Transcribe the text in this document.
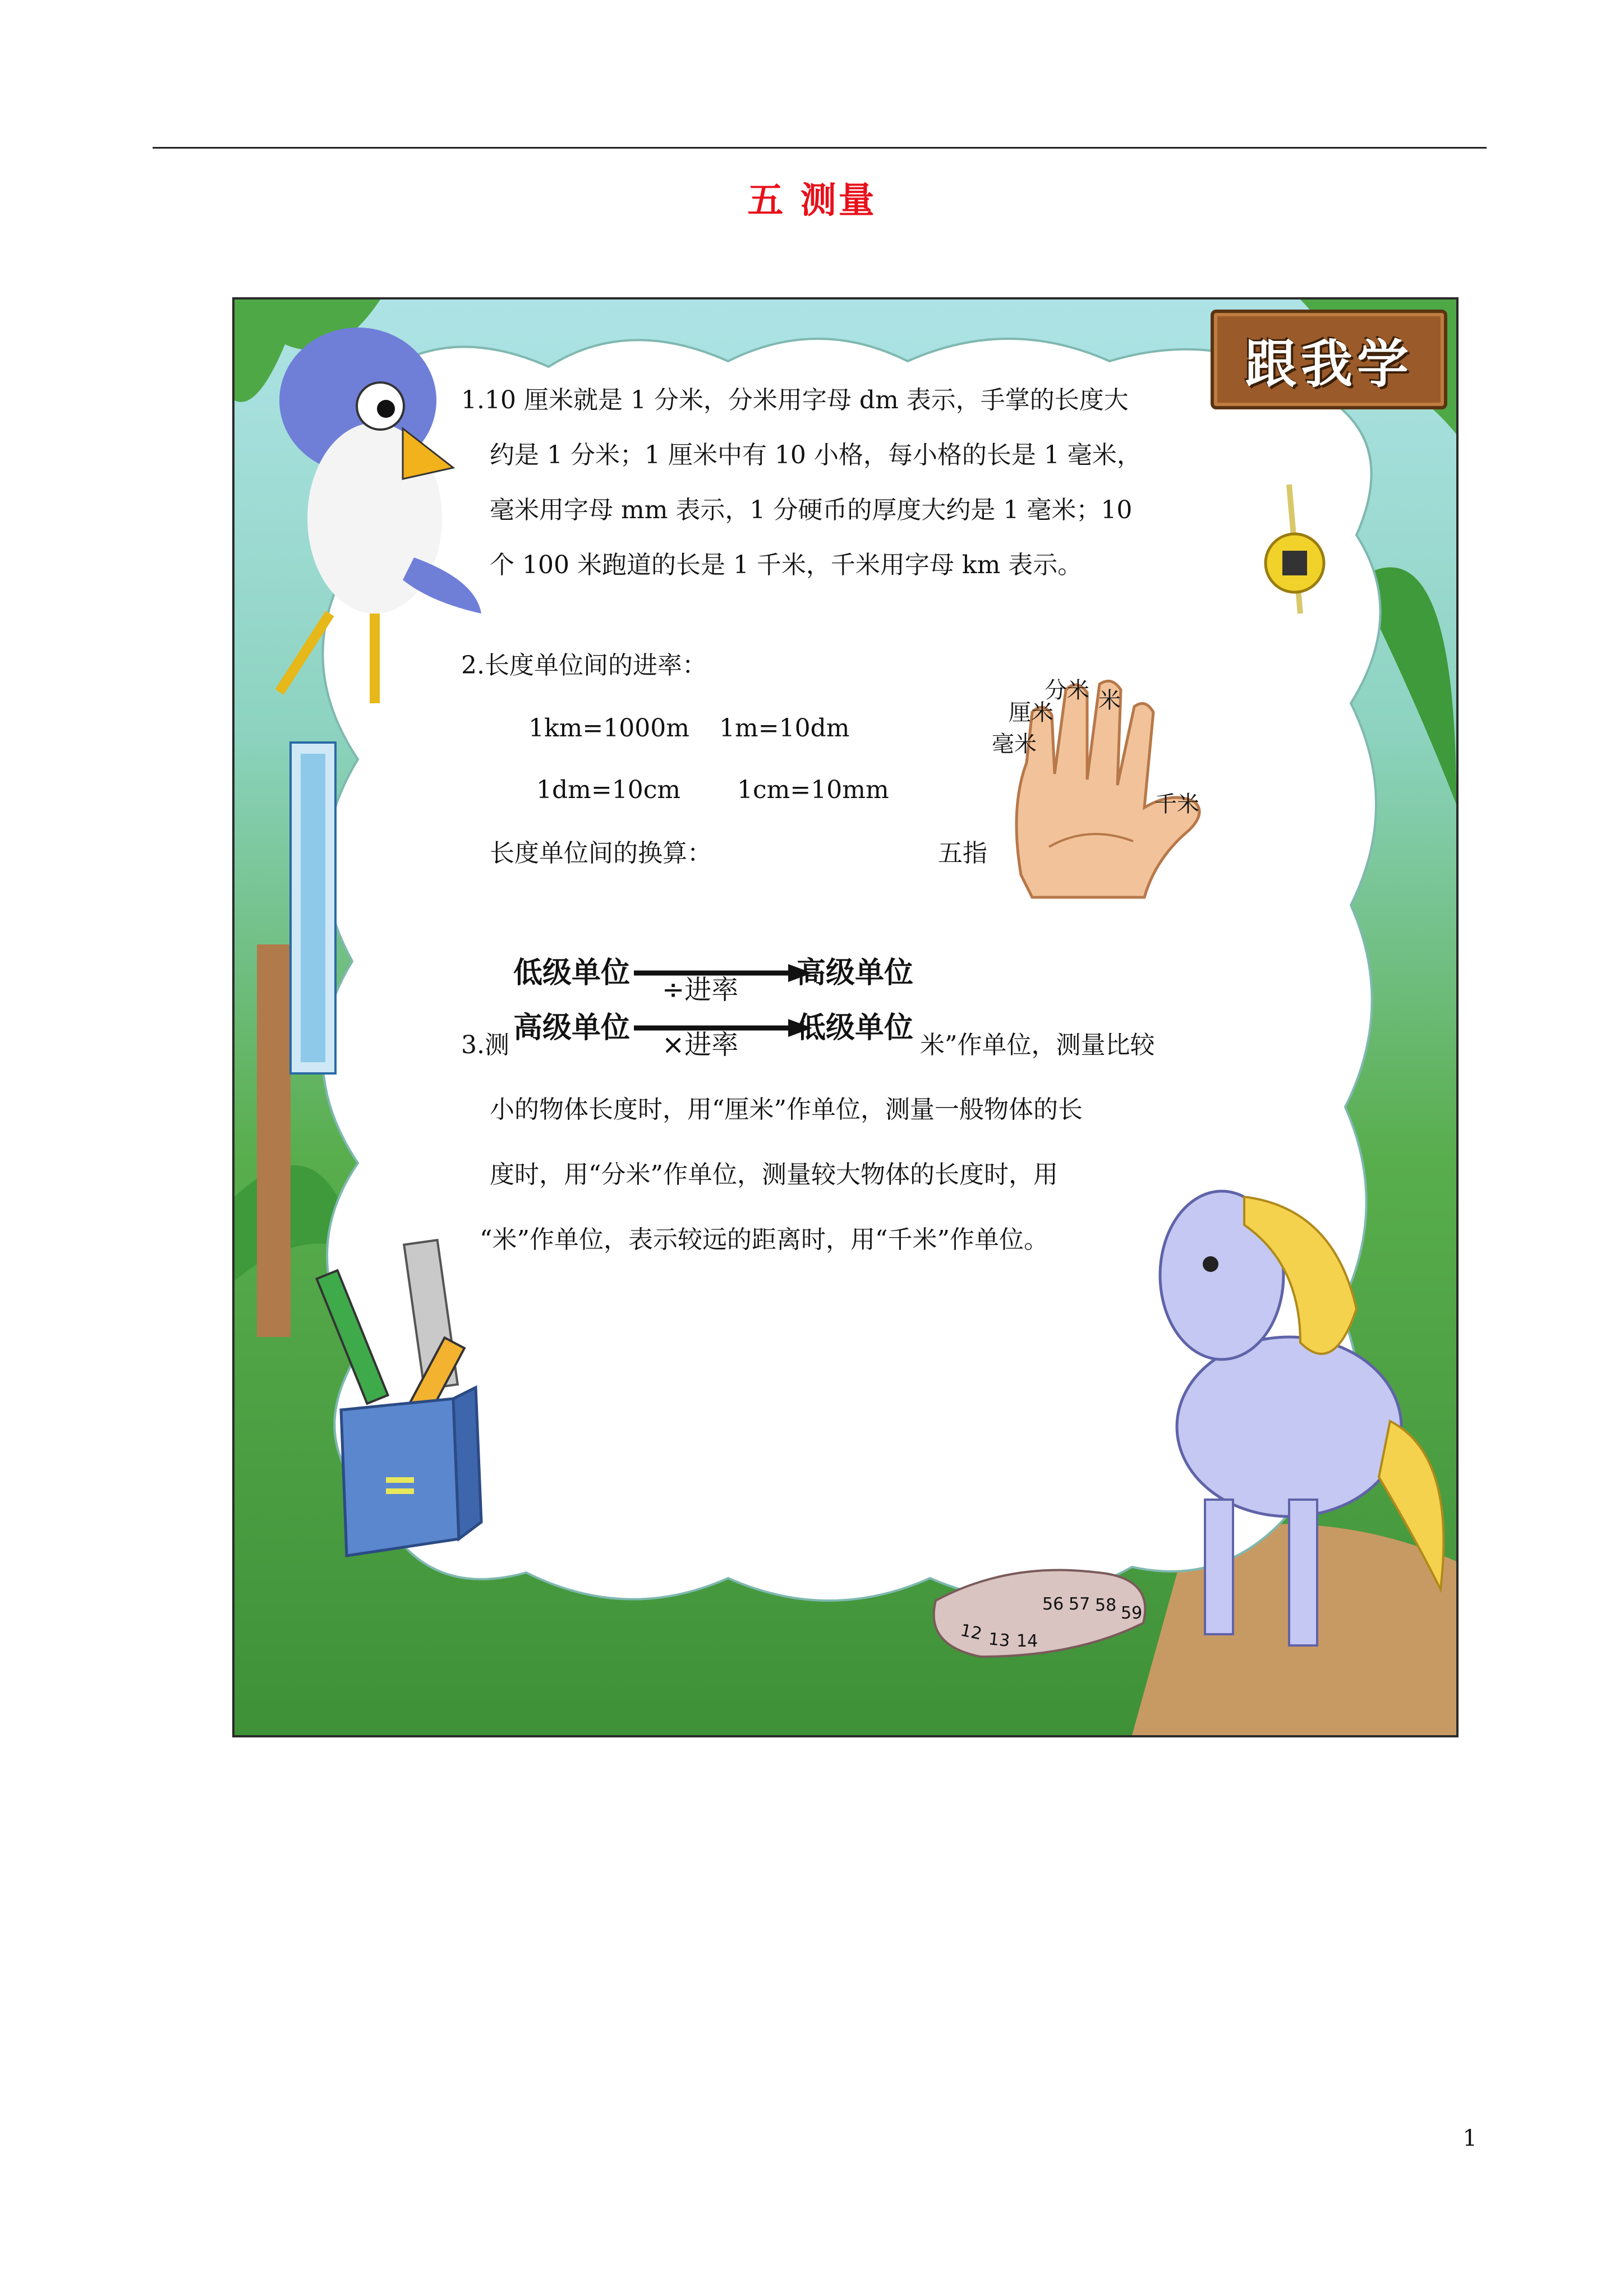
五 测量
跟我学
1.10 厘米就是 1 分米，分米用字母 dm 表示，手掌的长度大
约是 1 分米；1 厘米中有 10 小格，每小格的长是 1 毫米，
毫米用字母 mm 表示，1 分硬币的厚度大约是 1 毫米；10
个 100 米跑道的长是 1 千米，千米用字母 km 表示。
2.长度单位间的进率：
1km=1000m 1m=10dm
1dm=10cm 1cm=10mm
长度单位间的换算：	五指
分米 米
厘米
毫米
千米
低级单位 ÷进率 高级单位
高级单位 ×进率 低级单位
3.测	米”作单位，测量比较
小的物体长度时，用“厘米”作单位，测量一般物体的长
度时，用“分米”作单位，测量较大物体的长度时，用
“米”作单位，表示较远的距离时，用“千米”作单位。
12 13 14
56 57 58 59
1
